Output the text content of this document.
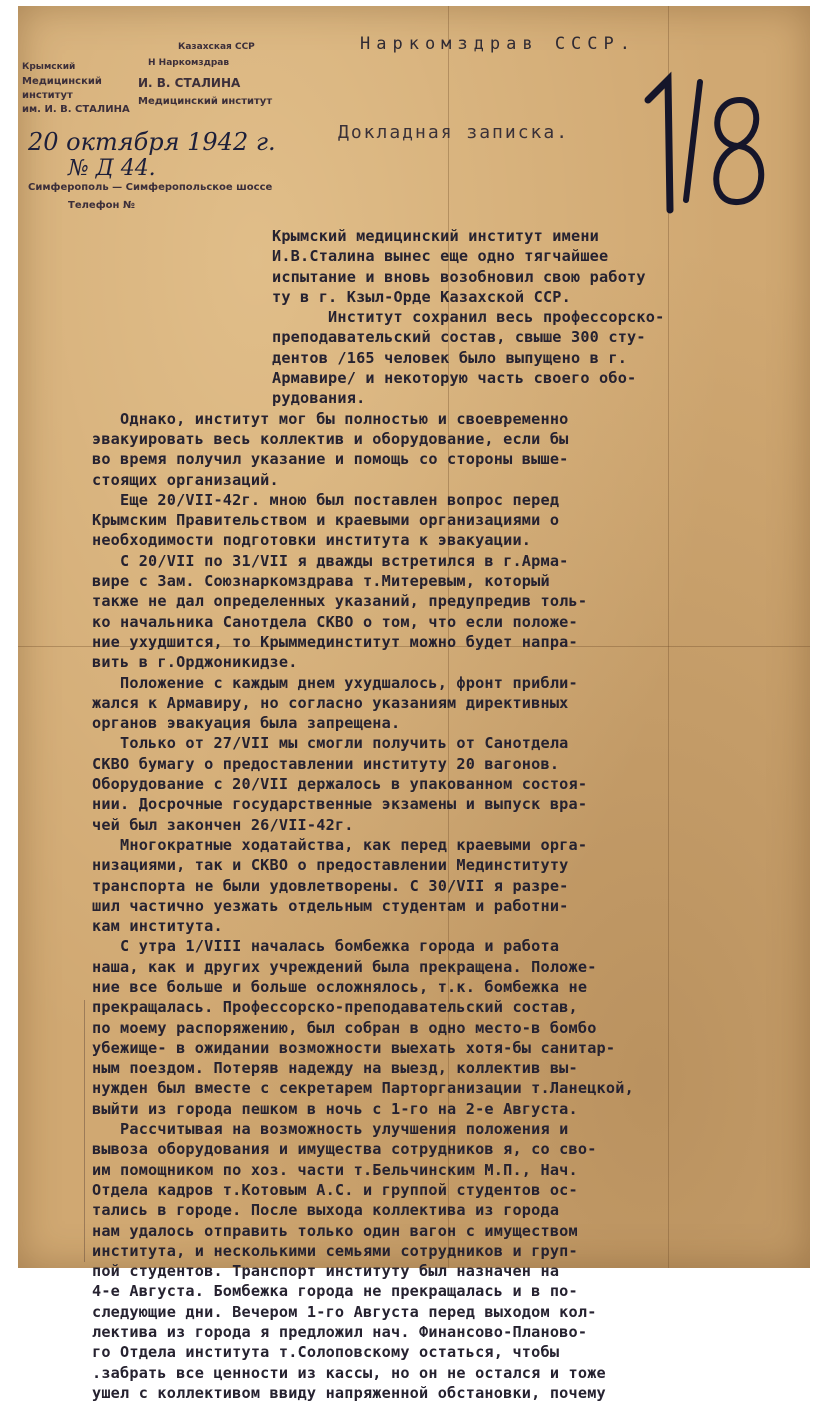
Казахская ССР
Н Наркомздрав
Крымский
Медицинский
институт
им. И. В. СТАЛИНА
И. В. СТАЛИНА
Медицинский институт
Симферополь — Симферопольское шоссе
Телефон №
Наркомздрав СССР.
Докладная записка.
20 октября 1942 г.
№ Д 44.

Крымский медицинский институт имени

И.В.Сталина вынес еще одно тягчайшее

испытание и вновь возобновил свою работу

ту в г. Кзыл-Орде Казахской ССР.

Институт сохранил весь профессорско-

преподавательский состав, свыше 300 сту-

дентов /165 человек было выпущено в г.

Армавире/ и некоторую часть своего обо-

рудования.

Однако, институт мог бы полностью и своевременно

эвакуировать весь коллектив и оборудование, если бы

во время получил указание и помощь со стороны выше-

стоящих организаций.

Еще 20/VII-42г. мною был поставлен вопрос перед

Крымским Правительством и краевыми организациями о

необходимости подготовки института к эвакуации.

С 20/VII по 31/VII я дважды встретился в г.Арма-

вире с Зам. Союзнаркомздрава т.Митеревым, который

также не дал определенных указаний, предупредив толь-

ко начальника Санотдела СКВО о том, что если положе-

ние ухудшится, то Крыммединститут можно будет напра-

вить в г.Орджоникидзе.

Положение с каждым днем ухудшалось, фронт прибли-

жался к Армавиру, но согласно указаниям директивных

органов эвакуация была запрещена.

Только от 27/VII мы смогли получить от Санотдела

СКВО бумагу о предоставлении институту 20 вагонов.

Оборудование с 20/VII держалось в упакованном состоя-

нии. Досрочные государственные экзамены и выпуск вра-

чей был закончен 26/VII-42г.

Многократные ходатайства, как перед краевыми орга-

низациями, так и СКВО о предоставлении Мединституту

транспорта не были удовлетворены. С 30/VII я разре-

шил частично уезжать отдельным студентам и работни-

кам института.

С утра 1/VIII началась бомбежка города и работа

наша, как и других учреждений была прекращена. Положе-

ние все больше и больше осложнялось, т.к. бомбежка не

прекращалась. Профессорско-преподавательский состав,

по моему распоряжению, был собран в одно место-в бомбо

убежище- в ожидании возможности выехать хотя-бы санитар-

ным поездом. Потеряв надежду на выезд, коллектив вы-

нужден был вместе с секретарем Парторганизации т.Ланецкой,

выйти из города пешком в ночь с 1-го на 2-е Августа.

Рассчитывая на возможность улучшения положения и

вывоза оборудования и имущества сотрудников я, со сво-

им помощником по хоз. части т.Бельчинским М.П., Нач.

Отдела кадров т.Котовым А.С. и группой студентов ос-

тались в городе. После выхода коллектива из города

нам удалось отправить только один вагон с имуществом

института, и несколькими семьями сотрудников и груп-

пой студентов. Транспорт институту был назначен на

4-е Августа. Бомбежка города не прекращалась и в по-

следующие дни. Вечером 1-го Августа перед выходом кол-

лектива из города я предложил нач. Финансово-Планово-

го Отдела института т.Солоповскому остаться, чтобы

.забрать все ценности из кассы, но он не остался и тоже

ушел с коллективом ввиду напряженной обстановки, почему
